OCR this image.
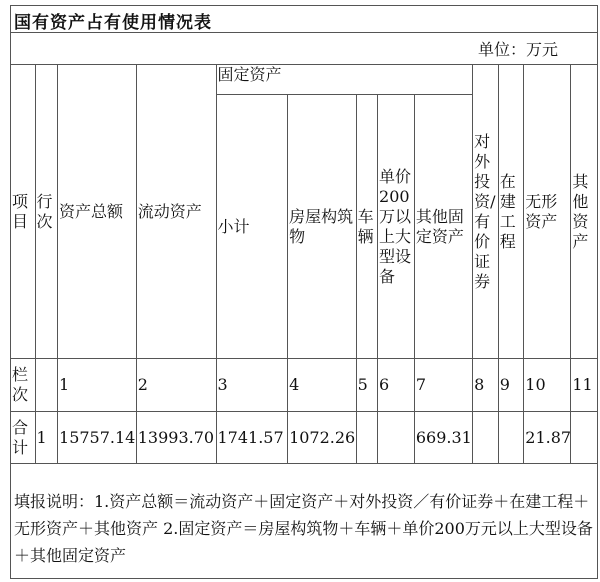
国有资产占有使用情况表
单位：万元
项目	行次	资产总额	流动资产	固定资产					对外投资/有价证券	在建工程	无形资产	其他资产
				小计	房屋构筑物	车辆	单价200万以上大型设备	其他固定资产				
栏次		1	2	3	4	5	6	7	8	9	10	11
合计	1	15757.14	13993.70	1741.57	1072.26			669.31			21.87	
填报说明：1.资产总额＝流动资产＋固定资产＋对外投资／有价证券＋在建工程＋无形资产＋其他资产 2.固定资产＝房屋构筑物＋车辆＋单价200万元以上大型设备＋其他固定资产
